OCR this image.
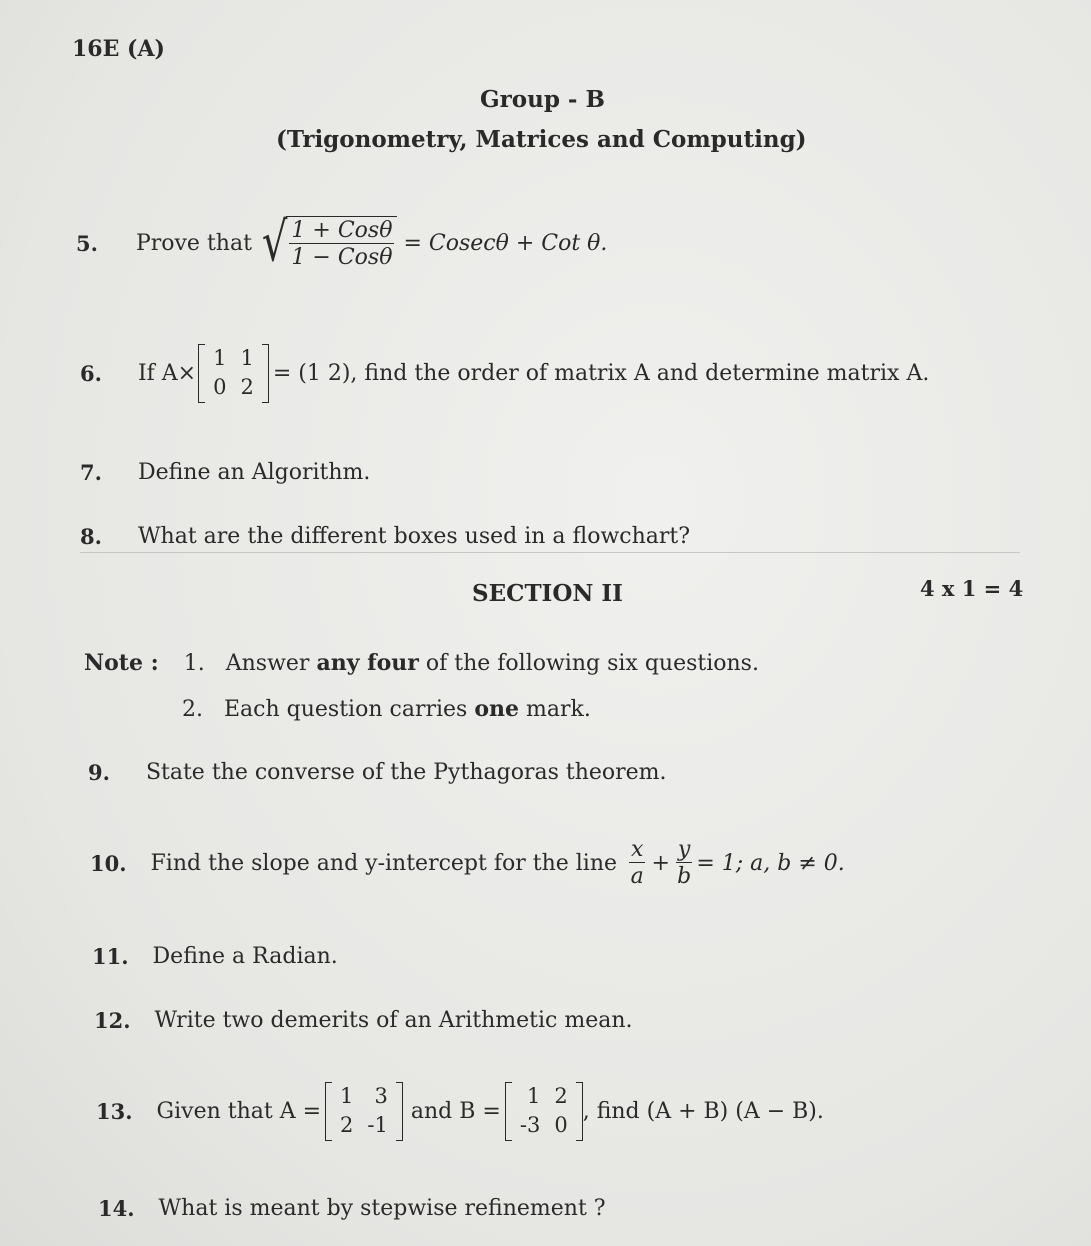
16E (A)
Group - B
(Trigonometry, Matrices and Computing)
5. Prove that √ $\frac{\text{1 + Cosθ}}{\text{1 − Cosθ}} = Cosec\theta$ + Cot θ.
6. If A×
1	1
0	2
= (1 2), find the order of matrix A and determine matrix A.
7. Define an Algorithm.
8. What are the different boxes used in a flowchart?
SECTION II	4 x 1 = 4
Note : 1. Answer any four of the following six questions.
2. Each question carries one mark.
9. State the converse of the Pythagoras theorem.
10. Find the slope and y-intercept for the line $\frac{x}{a} + \frac{y}{b} = 1$; a, b ≠ 0.
11. Define a Radian.
12. Write two demerits of an Arithmetic mean.
13. Given that A =
1	3
2	-1
and B =
1	2
-3	0
, find (A + B) (A − B).
14. What is meant by stepwise refinement ?
